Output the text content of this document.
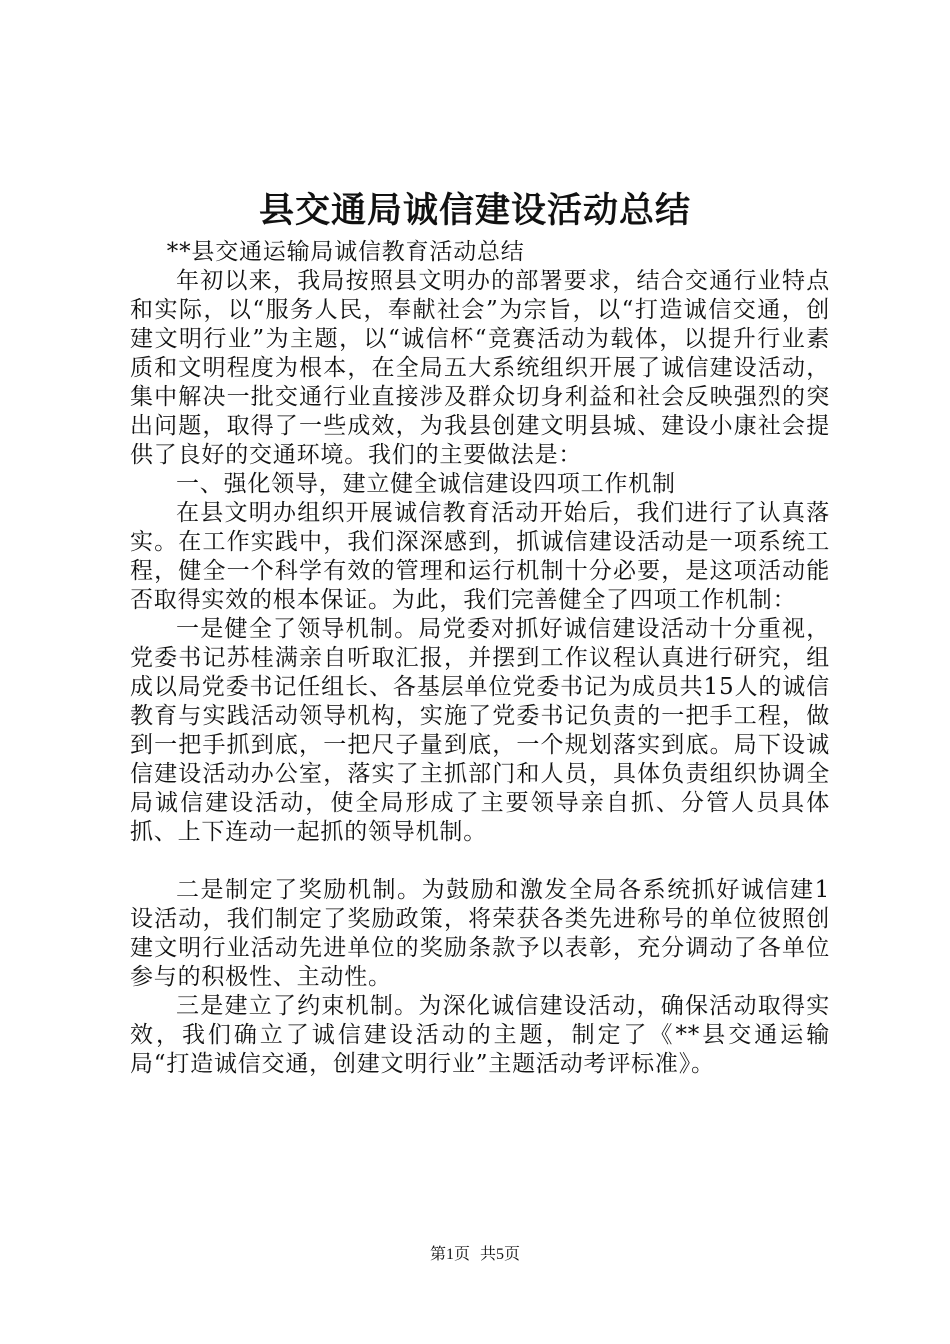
县交通局诚信建设活动总结

**县交通运输局诚信教育活动总结

年初以来，我局按照县文明办的部署要求，结合交通行业特点和实际，以“服务人民，奉献社会”为宗旨，以“打造诚信交通，创建文明行业”为主题，以“诚信杯“竞赛活动为载体，以提升行业素质和文明程度为根本，在全局五大系统组织开展了诚信建设活动，集中解决一批交通行业直接涉及群众切身利益和社会反映强烈的突出问题，取得了一些成效，为我县创建文明县城、建设小康社会提供了良好的交通环境。我们的主要做法是：

一、强化领导，建立健全诚信建设四项工作机制

在县文明办组织开展诚信教育活动开始后，我们进行了认真落实。在工作实践中，我们深深感到，抓诚信建设活动是一项系统工程，健全一个科学有效的管理和运行机制十分必要，是这项活动能否取得实效的根本保证。为此，我们完善健全了四项工作机制：

一是健全了领导机制。局党委对抓好诚信建设活动十分重视，党委书记苏桂满亲自听取汇报，并摆到工作议程认真进行研究，组成以局党委书记任组长、各基层单位党委书记为成员共15人的诚信教育与实践活动领导机构，实施了党委书记负责的一把手工程，做到一把手抓到底，一把尺子量到底，一个规划落实到底。局下设诚信建设活动办公室，落实了主抓部门和人员，具体负责组织协调全局诚信建设活动，使全局形成了主要领导亲自抓、分管人员具体抓、上下连动一起抓的领导机制。

二是制定了奖励机制。为鼓励和激发全局各系统抓好诚信建1设活动，我们制定了奖励政策，将荣获各类先进称号的单位彼照创建文明行业活动先进单位的奖励条款予以表彰，充分调动了各单位参与的积极性、主动性。

三是建立了约束机制。为深化诚信建设活动，确保活动取得实效，我们确立了诚信建设活动的主题，制定了《**县交通运输局“打造诚信交通，创建文明行业”主题活动考评标准》。

第1页 共5页
